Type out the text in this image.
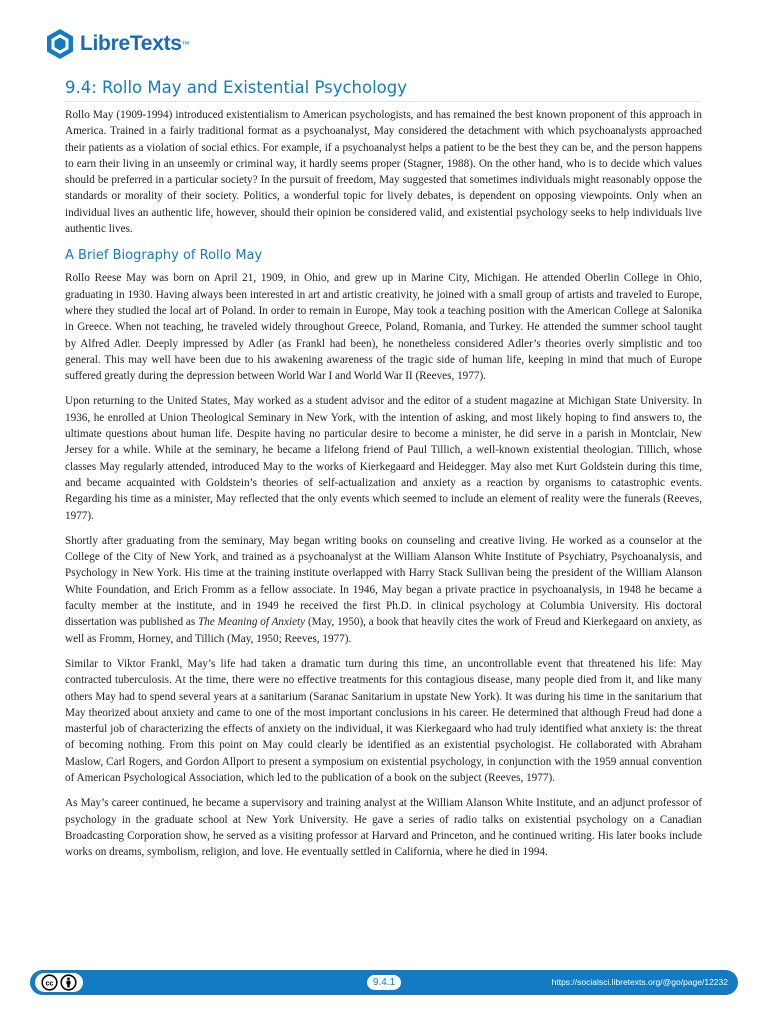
LibreTexts ™
9.4: Rollo May and Existential Psychology

Rollo May (1909-1994) introduced existentialism to American psychologists, and has remained the best known proponent of this approach in America. Trained in a fairly traditional format as a psychoanalyst, May considered the detachment with which psychoanalysts approached their patients as a violation of social ethics. For example, if a psychoanalyst helps a patient to be the best they can be, and the person happens to earn their living in an unseemly or criminal way, it hardly seems proper (Stagner, 1988). On the other hand, who is to decide which values should be preferred in a particular society? In the pursuit of freedom, May suggested that sometimes individuals might reasonably oppose the standards or morality of their society. Politics, a wonderful topic for lively debates, is dependent on opposing viewpoints. Only when an individual lives an authentic life, however, should their opinion be considered valid, and existential psychology seeks to help individuals live authentic lives.

A Brief Biography of Rollo May

Rollo Reese May was born on April 21, 1909, in Ohio, and grew up in Marine City, Michigan. He attended Oberlin College in Ohio, graduating in 1930. Having always been interested in art and artistic creativity, he joined with a small group of artists and traveled to Europe, where they studied the local art of Poland. In order to remain in Europe, May took a teaching position with the American College at Salonika in Greece. When not teaching, he traveled widely throughout Greece, Poland, Romania, and Turkey. He attended the summer school taught by Alfred Adler. Deeply impressed by Adler (as Frankl had been), he nonetheless considered Adler’s theories overly simplistic and too general. This may well have been due to his awakening awareness of the tragic side of human life, keeping in mind that much of Europe suffered greatly during the depression between World War I and World War II (Reeves, 1977).

Upon returning to the United States, May worked as a student advisor and the editor of a student magazine at Michigan State University. In 1936, he enrolled at Union Theological Seminary in New York, with the intention of asking, and most likely hoping to find answers to, the ultimate questions about human life. Despite having no particular desire to become a minister, he did serve in a parish in Montclair, New Jersey for a while. While at the seminary, he became a lifelong friend of Paul Tillich, a well-known existential theologian. Tillich, whose classes May regularly attended, introduced May to the works of Kierkegaard and Heidegger. May also met Kurt Goldstein during this time, and became acquainted with Goldstein’s theories of self-actualization and anxiety as a reaction by organisms to catastrophic events. Regarding his time as a minister, May reflected that the only events which seemed to include an element of reality were the funerals (Reeves, 1977).

Shortly after graduating from the seminary, May began writing books on counseling and creative living. He worked as a counselor at the College of the City of New York, and trained as a psychoanalyst at the William Alanson White Institute of Psychiatry, Psychoanalysis, and Psychology in New York. His time at the training institute overlapped with Harry Stack Sullivan being the president of the William Alanson White Foundation, and Erich Fromm as a fellow associate. In 1946, May began a private practice in psychoanalysis, in 1948 he became a faculty member at the institute, and in 1949 he received the first Ph.D. in clinical psychology at Columbia University. His doctoral dissertation was published as The Meaning of Anxiety (May, 1950), a book that heavily cites the work of Freud and Kierkegaard on anxiety, as well as Fromm, Horney, and Tillich (May, 1950; Reeves, 1977).

Similar to Viktor Frankl, May’s life had taken a dramatic turn during this time, an uncontrollable event that threatened his life: May contracted tuberculosis. At the time, there were no effective treatments for this contagious disease, many people died from it, and like many others May had to spend several years at a sanitarium (Saranac Sanitarium in upstate New York). It was during his time in the sanitarium that May theorized about anxiety and came to one of the most important conclusions in his career. He determined that although Freud had done a masterful job of characterizing the effects of anxiety on the individual, it was Kierkegaard who had truly identified what anxiety is: the threat of becoming nothing. From this point on May could clearly be identified as an existential psychologist. He collaborated with Abraham Maslow, Carl Rogers, and Gordon Allport to present a symposium on existential psychology, in conjunction with the 1959 annual convention of American Psychological Association, which led to the publication of a book on the subject (Reeves, 1977).

As May’s career continued, he became a supervisory and training analyst at the William Alanson White Institute, and an adjunct professor of psychology in the graduate school at New York University. He gave a series of radio talks on existential psychology on a Canadian Broadcasting Corporation show, he served as a visiting professor at Harvard and Princeton, and he continued writing. His later books include works on dreams, symbolism, religion, and love. He eventually settled in California, where he died in 1994.

cc	9.4.1	https://socialsci.libretexts.org/@go/page/12232
